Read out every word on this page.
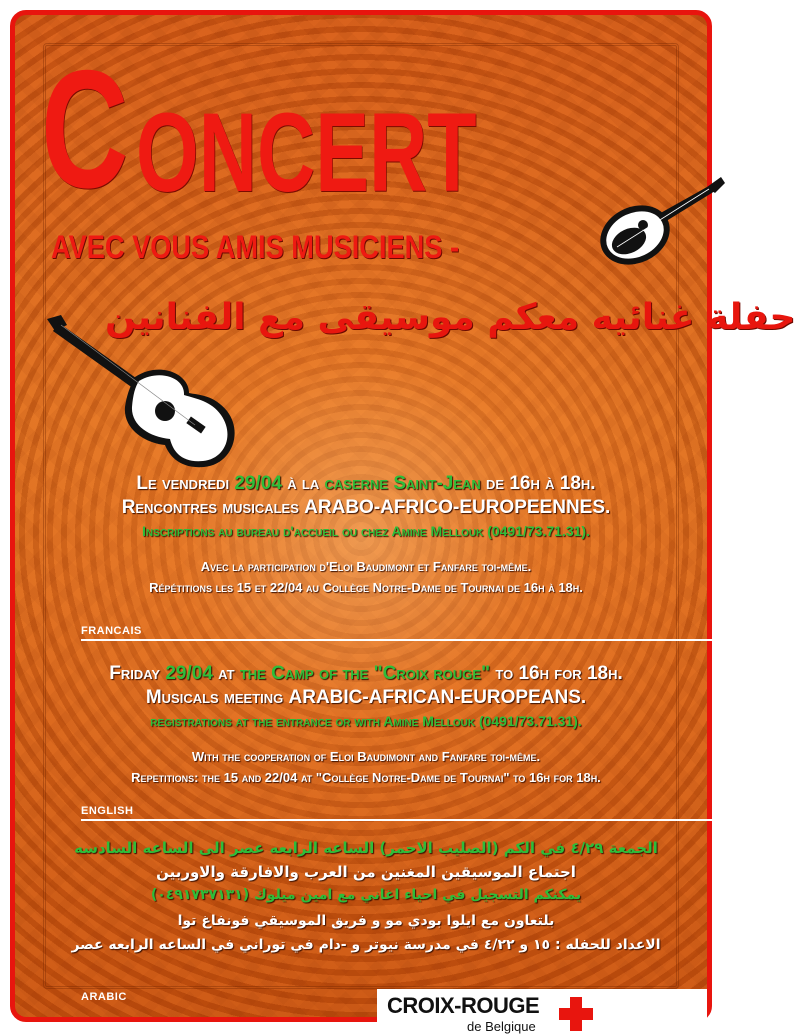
C ONCERT
AVEC VOUS AMIS MUSICIENS -
حفلة غنائيه معكم موسيقى مع الفنانين
Le vendredi 29/04 à la caserne Saint-Jean de 16h à 18h.
Rencontres musicales ARABO-AFRICO-EUROPEENNES.
Inscriptions au bureau d'accueil ou chez Amine Mellouk (0491/73.71.31).
Avec la participation d'Eloi Baudimont et Fanfare toi-même.
Répétitions les 15 et 22/04 au Collège Notre-Dame de Tournai de 16h à 18h.
FRANCAIS
Friday 29/04 at the Camp of the "Croix rouge" to 16h for 18h.
Musicals meeting ARABIC-AFRICAN-EUROPEANS.
registrations at the entrance or with Amine Mellouk (0491/73.71.31).
With the cooperation of Eloi Baudimont and Fanfare toi-même.
Repetitions: the 15 and 22/04 at "Collège Notre-Dame de Tournai" to 16h for 18h.
ENGLISH
الجمعة ٤/٢٩ في الكم (الصليب الاحمر) الساعه الرابعه عصر الى الساعه السادسه
اجتماع الموسيقين المغنين من العرب والافارقة والاوربين
يمكنكم التسجيل في احياء اغاني مع امين ميلوك (٠٤٩١٧٣٧١٣١)
بلتعاون مع ايلوا بودي مو و فريق الموسيقي فونفاغ توا
الاعداد للحفله : ١٥ و ٤/٢٢ في مدرسة نيوتر و -دام في توراني في الساعه الرابعه عصر
ARABIC	CROIX-ROUGE
de Belgique
